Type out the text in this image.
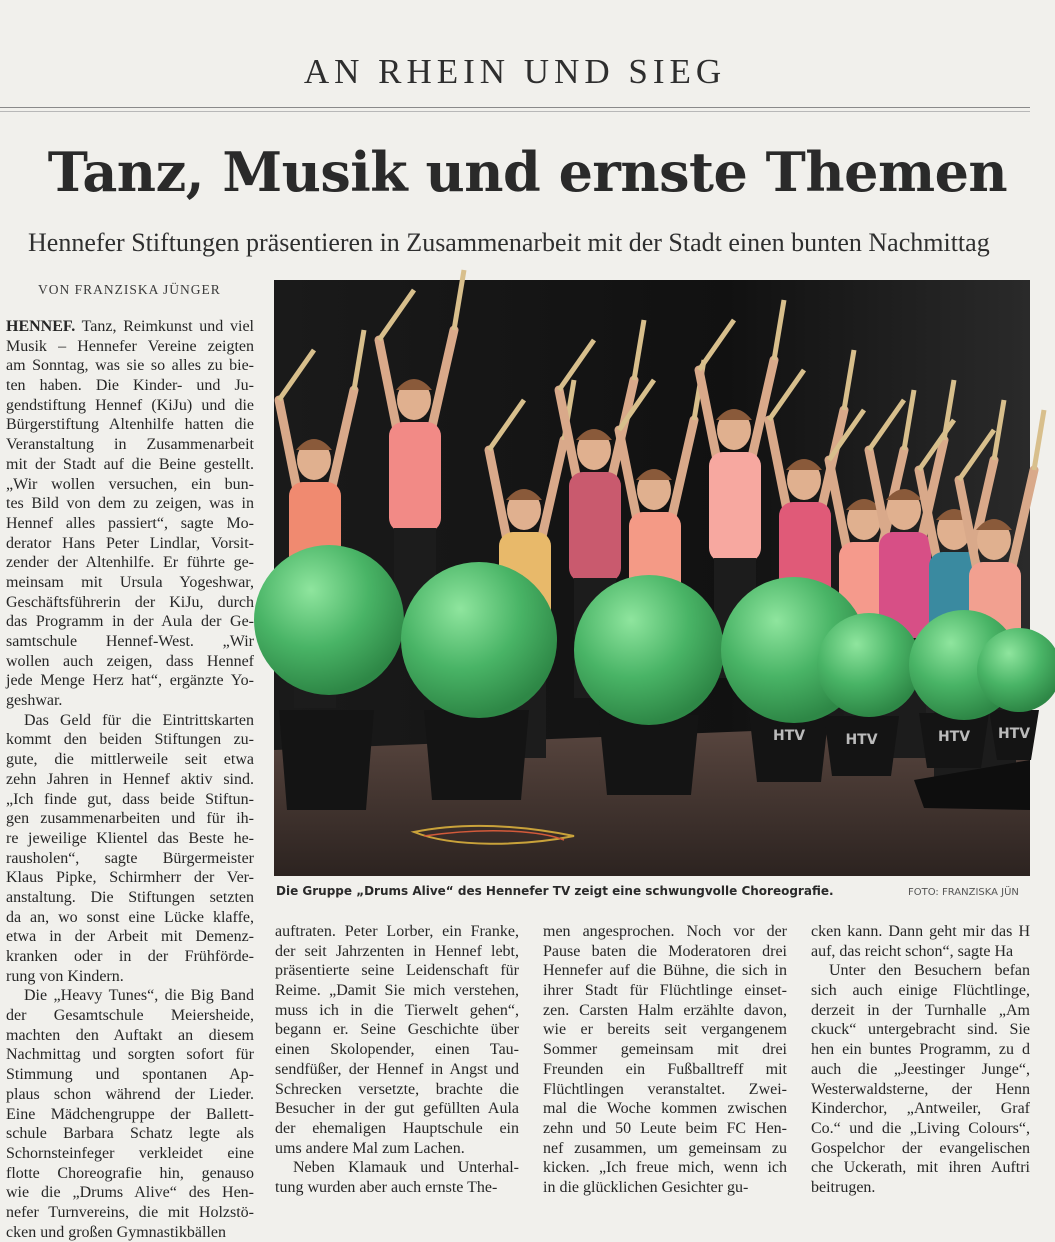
AN RHEIN UND SIEG
Tanz, Musik und ernste Themen
Hennefer Stiftungen präsentieren in Zusammenarbeit mit der Stadt einen bunten Nachmittag
VON FRANZISKA JÜNGER
HENNEF. Tanz, Reimkunst und viel
Musik – Hennefer Vereine zeigten
am Sonntag, was sie so alles zu bie-
ten haben. Die Kinder- und Ju-
gendstiftung Hennef (KiJu) und die
Bürgerstiftung Altenhilfe hatten die
Veranstaltung in Zusammenarbeit
mit der Stadt auf die Beine gestellt.
„Wir wollen versuchen, ein bun-
tes Bild von dem zu zeigen, was in
Hennef alles passiert“, sagte Mo-
derator Hans Peter Lindlar, Vorsit-
zender der Altenhilfe. Er führte ge-
meinsam mit Ursula Yogeshwar,
Geschäftsführerin der KiJu, durch
das Programm in der Aula der Ge-
samtschule Hennef-West. „Wir
wollen auch zeigen, dass Hennef
jede Menge Herz hat“, ergänzte Yo-
geshwar.
Das Geld für die Eintrittskarten
kommt den beiden Stiftungen zu-
gute, die mittlerweile seit etwa
zehn Jahren in Hennef aktiv sind.
„Ich finde gut, dass beide Stiftun-
gen zusammenarbeiten und für ih-
re jeweilige Klientel das Beste he-
rausholen“, sagte Bürgermeister
Klaus Pipke, Schirmherr der Ver-
anstaltung. Die Stiftungen setzten
da an, wo sonst eine Lücke klaffe,
etwa in der Arbeit mit Demenz-
kranken oder in der Frühförde-
rung von Kindern.
Die „Heavy Tunes“, die Big Band
der Gesamtschule Meiersheide,
machten den Auftakt an diesem
Nachmittag und sorgten sofort für
Stimmung und spontanen Ap-
plaus schon während der Lieder.
Eine Mädchengruppe der Ballett-
schule Barbara Schatz legte als
Schornsteinfeger verkleidet eine
flotte Choreografie hin, genauso
wie die „Drums Alive“ des Hen-
nefer Turnvereins, die mit Holzstö-
cken und großen Gymnastikbällen
auftraten. Peter Lorber, ein Franke,
der seit Jahrzenten in Hennef lebt,
präsentierte seine Leidenschaft für
Reime. „Damit Sie mich verstehen,
muss ich in die Tierwelt gehen“,
begann er. Seine Geschichte über
einen Skolopender, einen Tau-
sendfüßer, der Hennef in Angst und
Schrecken versetzte, brachte die
Besucher in der gut gefüllten Aula
der ehemaligen Hauptschule ein
ums andere Mal zum Lachen.
Neben Klamauk und Unterhal-
tung wurden aber auch ernste The-
men angesprochen. Noch vor der
Pause baten die Moderatoren drei
Hennefer auf die Bühne, die sich in
ihrer Stadt für Flüchtlinge einset-
zen. Carsten Halm erzählte davon,
wie er bereits seit vergangenem
Sommer gemeinsam mit drei
Freunden ein Fußballtreff mit
Flüchtlingen veranstaltet. Zwei-
mal die Woche kommen zwischen
zehn und 50 Leute beim FC Hen-
nef zusammen, um gemeinsam zu
kicken. „Ich freue mich, wenn ich
in die glücklichen Gesichter gu-
cken kann. Dann geht mir das H
auf, das reicht schon“, sagte Ha
Unter den Besuchern befan
sich auch einige Flüchtlinge,
derzeit in der Turnhalle „Am
ckuck“ untergebracht sind. Sie
hen ein buntes Programm, zu d
auch die „Jeestinger Junge“,
Westerwaldsterne, der Henn
Kinderchor, „Antweiler, Graf
Co.“ und die „Living Colours“,
Gospelchor der evangelischen
che Uckerath, mit ihren Auftri
beitrugen.
HTV	HTV	HTV HTV
Die Gruppe „Drums Alive“ des Hennefer TV zeigt eine schwungvolle Choreografie.	FOTO: FRANZISKA JÜN
